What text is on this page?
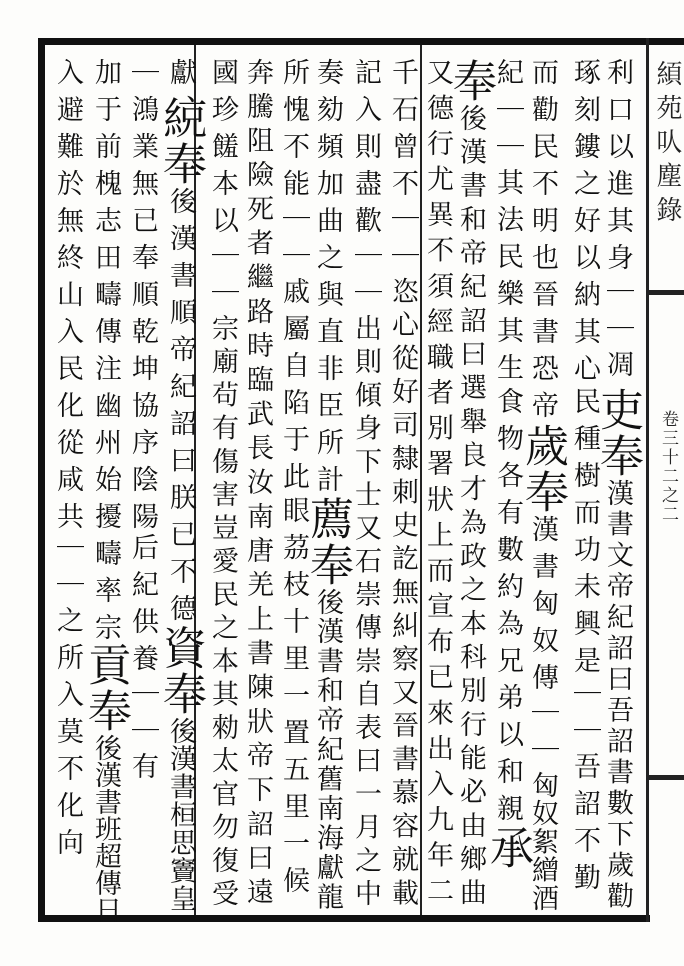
䋶苑㕥塵錄
卷三十二之二
利口以進其身
｜｜
凋
吏
奉
漢書文帝紀詔曰吾詔書數下歲勸
琢刻鏤之好以納其心
民種樹而功未興是
｜｜
吾詔不勤
而勸民不明也晉書恐帝
歲
奉
漢書匈奴傳
｜｜
匈奴絮繒酒
紀
｜｜
其法民樂其生
食物各有數約為兄弟以和親
承
奉
後漢書和帝紀詔曰選舉良才為政之本科別行能必由鄉曲
又德行尤異不須經職者別署狀上而宣布已來出入九年二
千石曾不
｜｜
恣心從好司隸刺史訖無糾察又晉書慕容就載
記入則盡歡
｜｜
出則傾身下士又石崇傳崇自表曰一月之中
奏劾頻加曲之與直非臣所計
薦
奉
後漢書和帝紀舊南海獻龍
所愧不能
｜｜
戚屬自陷于此
眼茘枝十里一置五里一候
奔騰阻險死者繼路時臨武長汝南唐羌上書陳狀帝下詔曰遠
國珍饈本以
｜｜
宗廟茍有傷害豈愛民之本其勑太官勿復受
獻
綂
奉
後漢書順帝紀詔曰朕已不德
資
奉
後漢書桓思竇皇
｜
鴻業無已奉順乾坤協序陰陽
后紀供養
｜｜
有
加于前槐志田疇傳注幽州始擾疇率宗
貢
奉
後漢書班超傳日
入避難於無終山入民化從咸共
｜｜
之所入莫不化向
